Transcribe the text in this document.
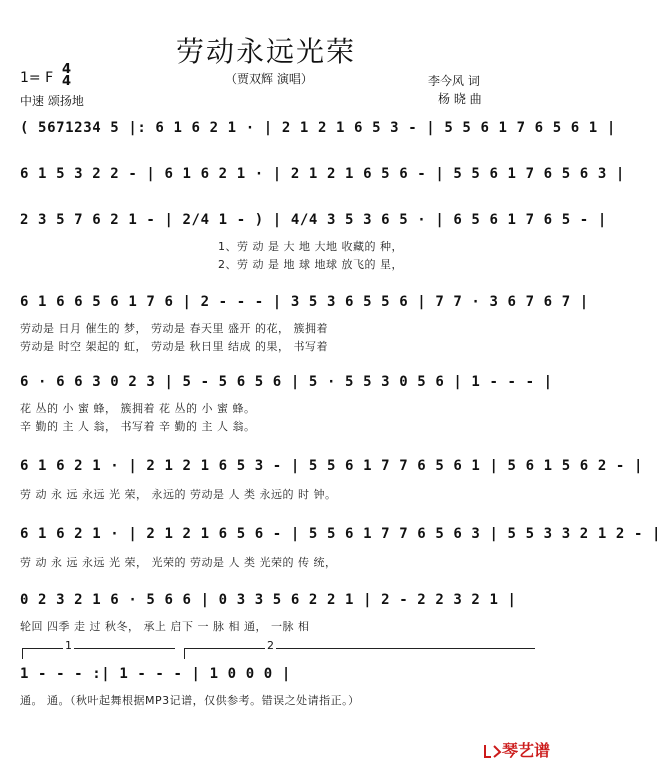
劳动永远光荣
1= F
4
4
中速 颂扬地
（贾双辉 演唱）	李今风 词
杨 晓 曲
( 5671234 5 |: 6 1 6 2 1 · | 2 1 2 1 6 5 3 - | 5 5 6 1 7 6 5 6 1 |
6 1 5 3 2 2 - | 6 1 6 2 1 · | 2 1 2 1 6 5 6 - | 5 5 6 1 7 6 5 6 3 |
2 3 5 7 6 2 1 - | 2/4 1 - ) | 4/4 3 5 3 6 5 · | 6 5 6 1 7 6 5 - |
1、劳 动 是 大 地 大地 收藏的 种，
2、劳 动 是 地 球 地球 放飞的 星，
6 1 6 6 5 6 1 7 6 | 2 - - - | 3 5 3 6 5 5 6 | 7 7 · 3 6 7 6 7 |
劳动是 日月 催生的 梦， 劳动是 春天里 盛开 的花， 簇拥着
劳动是 时空 架起的 虹， 劳动是 秋日里 结成 的果， 书写着
6 · 6 6 3 0 2 3 | 5 - 5 6 5 6 | 5 · 5 5 3 0 5 6 | 1 - - - |
花 丛的 小 蜜 蜂， 簇拥着 花 丛的 小 蜜 蜂。
辛 勤的 主 人 翁， 书写着 辛 勤的 主 人 翁。
6 1 6 2 1 · | 2 1 2 1 6 5 3 - | 5 5 6 1 7 7 6 5 6 1 | 5 6 1 5 6 2 - |
劳 动 永 远 永远 光 荣， 永远的 劳动是 人 类 永远的 时 钟。
6 1 6 2 1 · | 2 1 2 1 6 5 6 - | 5 5 6 1 7 7 6 5 6 3 | 5 5 3 3 2 1 2 - |
劳 动 永 远 永远 光 荣， 光荣的 劳动是 人 类 光荣的 传 统，
0 2 3 2 1 6 · 5 6 6 | 0 3 3 5 6 2 2 1 | 2 - 2 2 3 2 1 |
轮回 四季 走 过 秋冬， 承上 启下 一 脉 相 通， 一脉 相
1	2
1 - - - :| 1 - - - | 1 0 0 0 |
通。 通。（秋叶起舞根据MP3记谱，仅供参考。错误之处请指正。）
琴艺谱
